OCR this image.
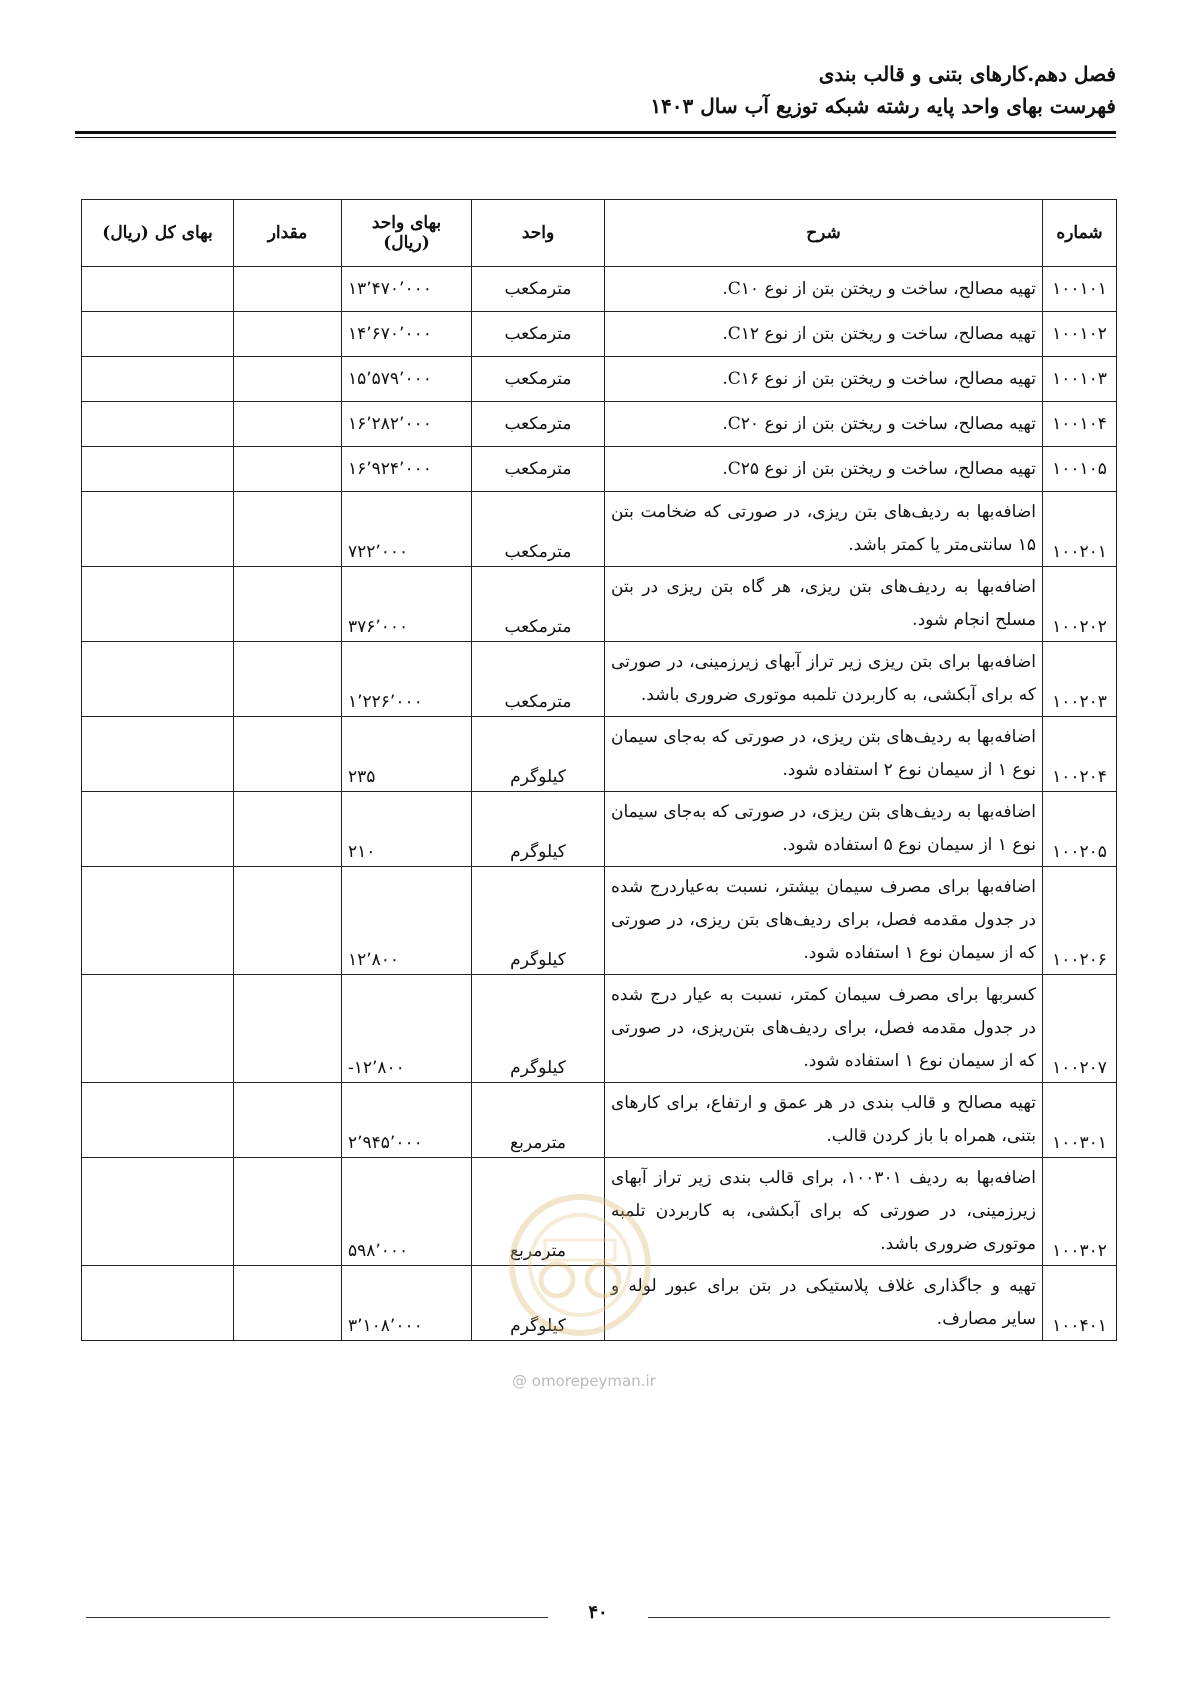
فصل دهم.کارهای بتنی و قالب بندی
فهرست بهای واحد پایه رشته شبکه توزیع آب سال ۱۴۰۳
شماره	شرح	واحد	بهای واحد (ریال)	مقدار	بهای کل (ریال)
۱۰۰۱۰۱	تهیه مصالح، ساخت و ریختن بتن از نوع C۱۰.	مترمکعب	۱۳٬۴۷۰٬۰۰۰		
۱۰۰۱۰۲	تهیه مصالح، ساخت و ریختن بتن از نوع C۱۲.	مترمکعب	۱۴٬۶۷۰٬۰۰۰		
۱۰۰۱۰۳	تهیه مصالح، ساخت و ریختن بتن از نوع C۱۶.	مترمکعب	۱۵٬۵۷۹٬۰۰۰		
۱۰۰۱۰۴	تهیه مصالح، ساخت و ریختن بتن از نوع C۲۰.	مترمکعب	۱۶٬۲۸۲٬۰۰۰		
۱۰۰۱۰۵	تهیه مصالح، ساخت و ریختن بتن از نوع C۲۵.	مترمکعب	۱۶٬۹۲۴٬۰۰۰		
۱۰۰۲۰۱	اضافه‌بها به ردیف‌های بتن ریزی، در صورتی که ضخامت بتن ۱۵ سانتی‌متر یا کمتر باشد.	مترمکعب	۷۲۲٬۰۰۰		
۱۰۰۲۰۲	اضافه‌بها به ردیف‌های بتن ریزی، هر گاه بتن ریزی در بتن مسلح انجام شود.	مترمکعب	۳۷۶٬۰۰۰		
۱۰۰۲۰۳	اضافه‌بها برای بتن ریزی زیر تراز آبهای زیرزمینی، در صورتی که برای آبکشی، به کاربردن تلمبه موتوری ضروری باشد.	مترمکعب	۱٬۲۲۶٬۰۰۰		
۱۰۰۲۰۴	اضافه‌بها به ردیف‌های بتن ریزی، در صورتی که به‌جای سیمان نوع ۱ از سیمان نوع ۲ استفاده شود.	کیلوگرم	۲۳۵		
۱۰۰۲۰۵	اضافه‌بها به ردیف‌های بتن ریزی، در صورتی که به‌جای سیمان نوع ۱ از سیمان نوع ۵ استفاده شود.	کیلوگرم	۲۱۰		
۱۰۰۲۰۶	اضافه‌بها برای مصرف سیمان بیشتر، نسبت به‌عیاردرج شده در جدول مقدمه فصل، برای ردیف‌های بتن ریزی، در صورتی که از سیمان نوع ۱ استفاده شود.	کیلوگرم	۱۲٬۸۰۰		
۱۰۰۲۰۷	کسربها برای مصرف سیمان کمتر، نسبت به عیار درج شده در جدول مقدمه فصل، برای ردیف‌های بتن‌ریزی، در صورتی که از سیمان نوع ۱ استفاده شود.	کیلوگرم	-۱۲٬۸۰۰		
۱۰۰۳۰۱	تهیه مصالح و قالب بندی در هر عمق و ارتفاع، برای کارهای بتنی، همراه با باز کردن قالب.	مترمربع	۲٬۹۴۵٬۰۰۰		
۱۰۰۳۰۲	اضافه‌بها به ردیف ۱۰۰۳۰۱، برای قالب بندی زیر تراز آبهای زیرزمینی، در صورتی که برای آبکشی، به کاربردن تلمبه موتوری ضروری باشد.	مترمربع	۵۹۸٬۰۰۰		
۱۰۰۴۰۱	تهیه و جاگذاری غلاف پلاستیکی در بتن برای عبور لوله و سایر مصارف.	کیلوگرم	۳٬۱۰۸٬۰۰۰		
@ omorepeyman.ir
۴۰
